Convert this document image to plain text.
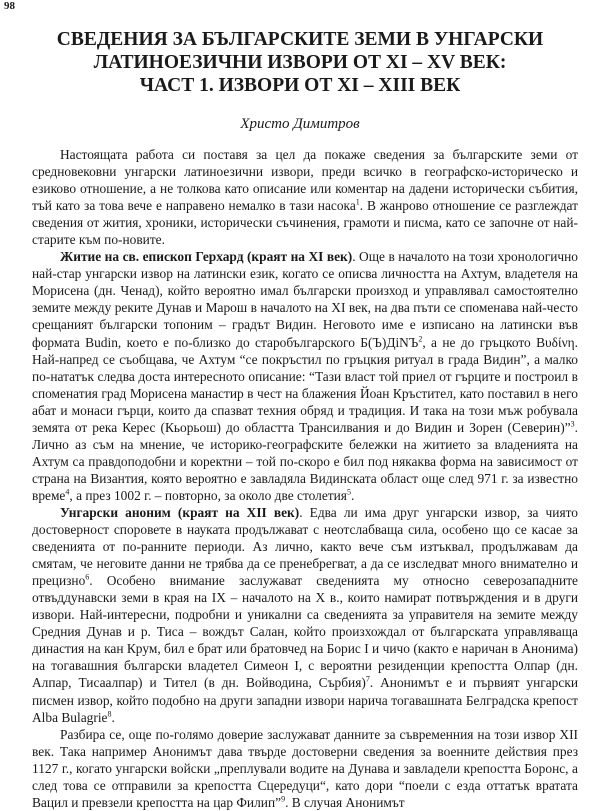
98
СВЕДЕНИЯ ЗА БЪЛГАРСКИТЕ ЗЕМИ В УНГАРСКИ
ЛАТИНОЕЗИЧНИ ИЗВОРИ ОТ XI – XV ВЕК:
ЧАСТ 1. ИЗВОРИ ОТ XI – XIII ВЕК
Христо Димитров

Настоящата работа си поставя за цел да покаже сведения за българските земи от средновековни унгарски латиноезични извори, преди всичко в географско-историческо и езиково отношение, а не толкова като описание или коментар на дадени исторически събития, тъй като за това вече е направено немалко в тази насока$^1$. В жанрово отношение се разглеждат сведения от жития, хроники, исторически съчинения, грамоти и писма, като се започне от най-старите към по-новите.

Житие на св. епископ Герхард (краят на XI век). Още в началото на този хронологично най-стар унгарски извор на латински език, когато се описва личността на Ахтум, владетеля на Морисена (дн. Ченад), който вероятно имал български произход и управлявал самостоятелно земите между реките Дунав и Марош в началото на XI век, на два пъти се споменава най-често срещаният български топоним – градът Видин. Неговото име е изписано на латински във формата Budin, което е по-близко до старобългарского Б(Ъ)ДiNЪ$^2$, а не до гръцкото Βυδίνη. Най-напред се съобщава, че Ахтум “се покръстил по гръцкия ритуал в града Видин”, а малко по-нататък следва доста интересното описание: “Тази власт той приел от гърците и построил в споменатия град Морисена манастир в чест на блажения Йоан Кръстител, като поставил в него абат и монаси гърци, които да спазват техния обряд и традиция. И така на този мъж робувала земята от река Керес (Кьорьош) до областта Трансилвания и до Видин и Зорен (Северин)”$^3$. Лично аз съм на мнение, че историко-географските бележки на житието за владенията на Ахтум са правдоподобни и коректни – той по-скоро е бил под някаква форма на зависимост от страна на Византия, която вероятно е завладяла Видинската област още след 971 г. за известно време$^4$, а през 1002 г. – повторно, за около две столетия$^5$.

Унгарски аноним (краят на XII век). Едва ли има друг унгарски извор, за чиято достоверност споровете в науката продължават с неотслабваща сила, особено що се касае за сведенията от по-ранните периоди. Аз лично, както вече съм изтъквал, продължавам да смятам, че неговите данни не трябва да се пренебрегват, а да се изследват много внимателно и прецизно$^6$. Особено внимание заслужават сведенията му относно северозападните отвъддунавски земи в края на IX – началото на X в., които намират потвърждения и в други извори. Най-интересни, подробни и уникални са сведенията за управителя на земите между Средния Дунав и р. Тиса – вождът Салан, който произхождал от българската управляваща династия на кан Крум, бил е брат или братовчед на Борис I и чичо (както е наричан в Анонима) на тогавашния български владетел Симеон I, с вероятни резиденции крепостта Олпар (дн. Алпар, Тисаалпар) и Тител (в дн. Войводина, Сърбия)$^7$. Анонимът е и първият унгарски писмен извор, който подобно на други западни извори нарича тогавашната Белградска крепост Alba Bulagrie$^8$.

Разбира се, още по-голямо доверие заслужават данните за съвременния на този извор XII век. Така например Анонимът дава твърде достоверни сведения за военните действия през 1127 г., когато унгарски войски „преплували водите на Дунава и завладели крепостта Боронс, а след това се отправили за крепостта Сцередуци“, като дори “поели с езда оттатък вратата Вацил и превзели крепостта на цар Филип”$^9$. В случая Анонимът
